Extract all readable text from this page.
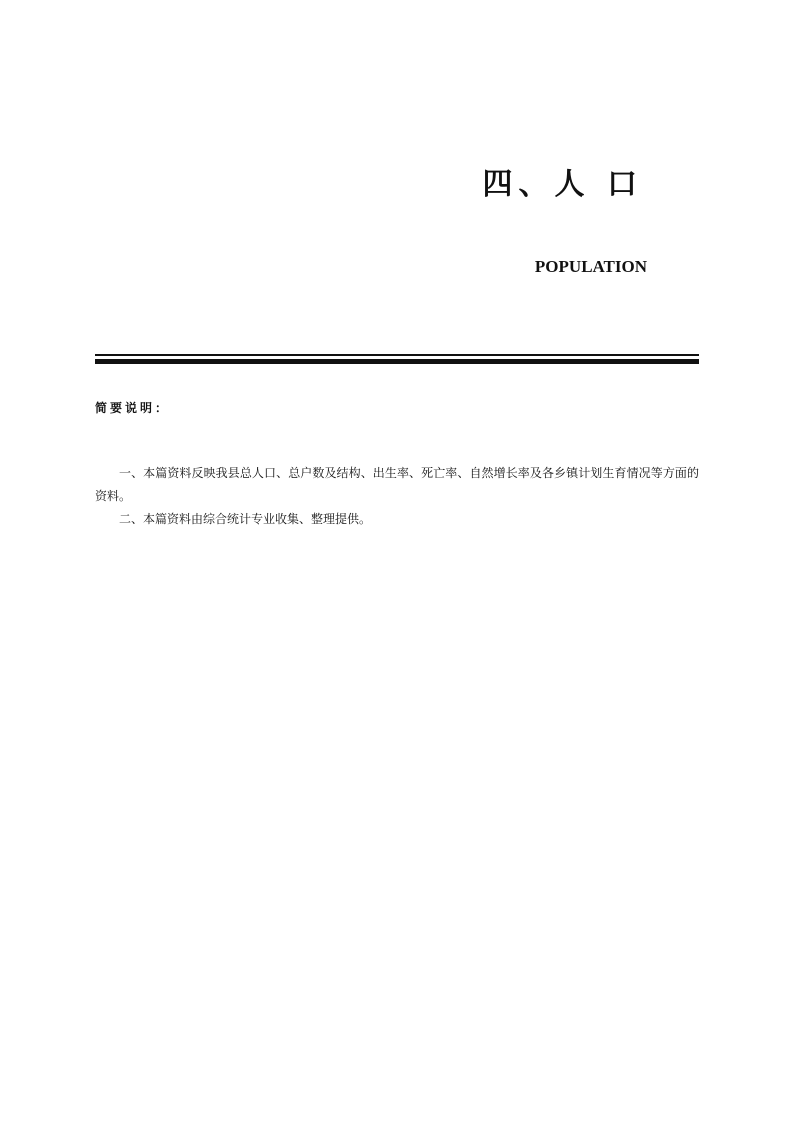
四、人 口
POPULATION
简要说明：

一、本篇资料反映我县总人口、总户数及结构、出生率、死亡率、自然增长率及各乡镇计划生育情况等方面的资料。

二、本篇资料由综合统计专业收集、整理提供。
